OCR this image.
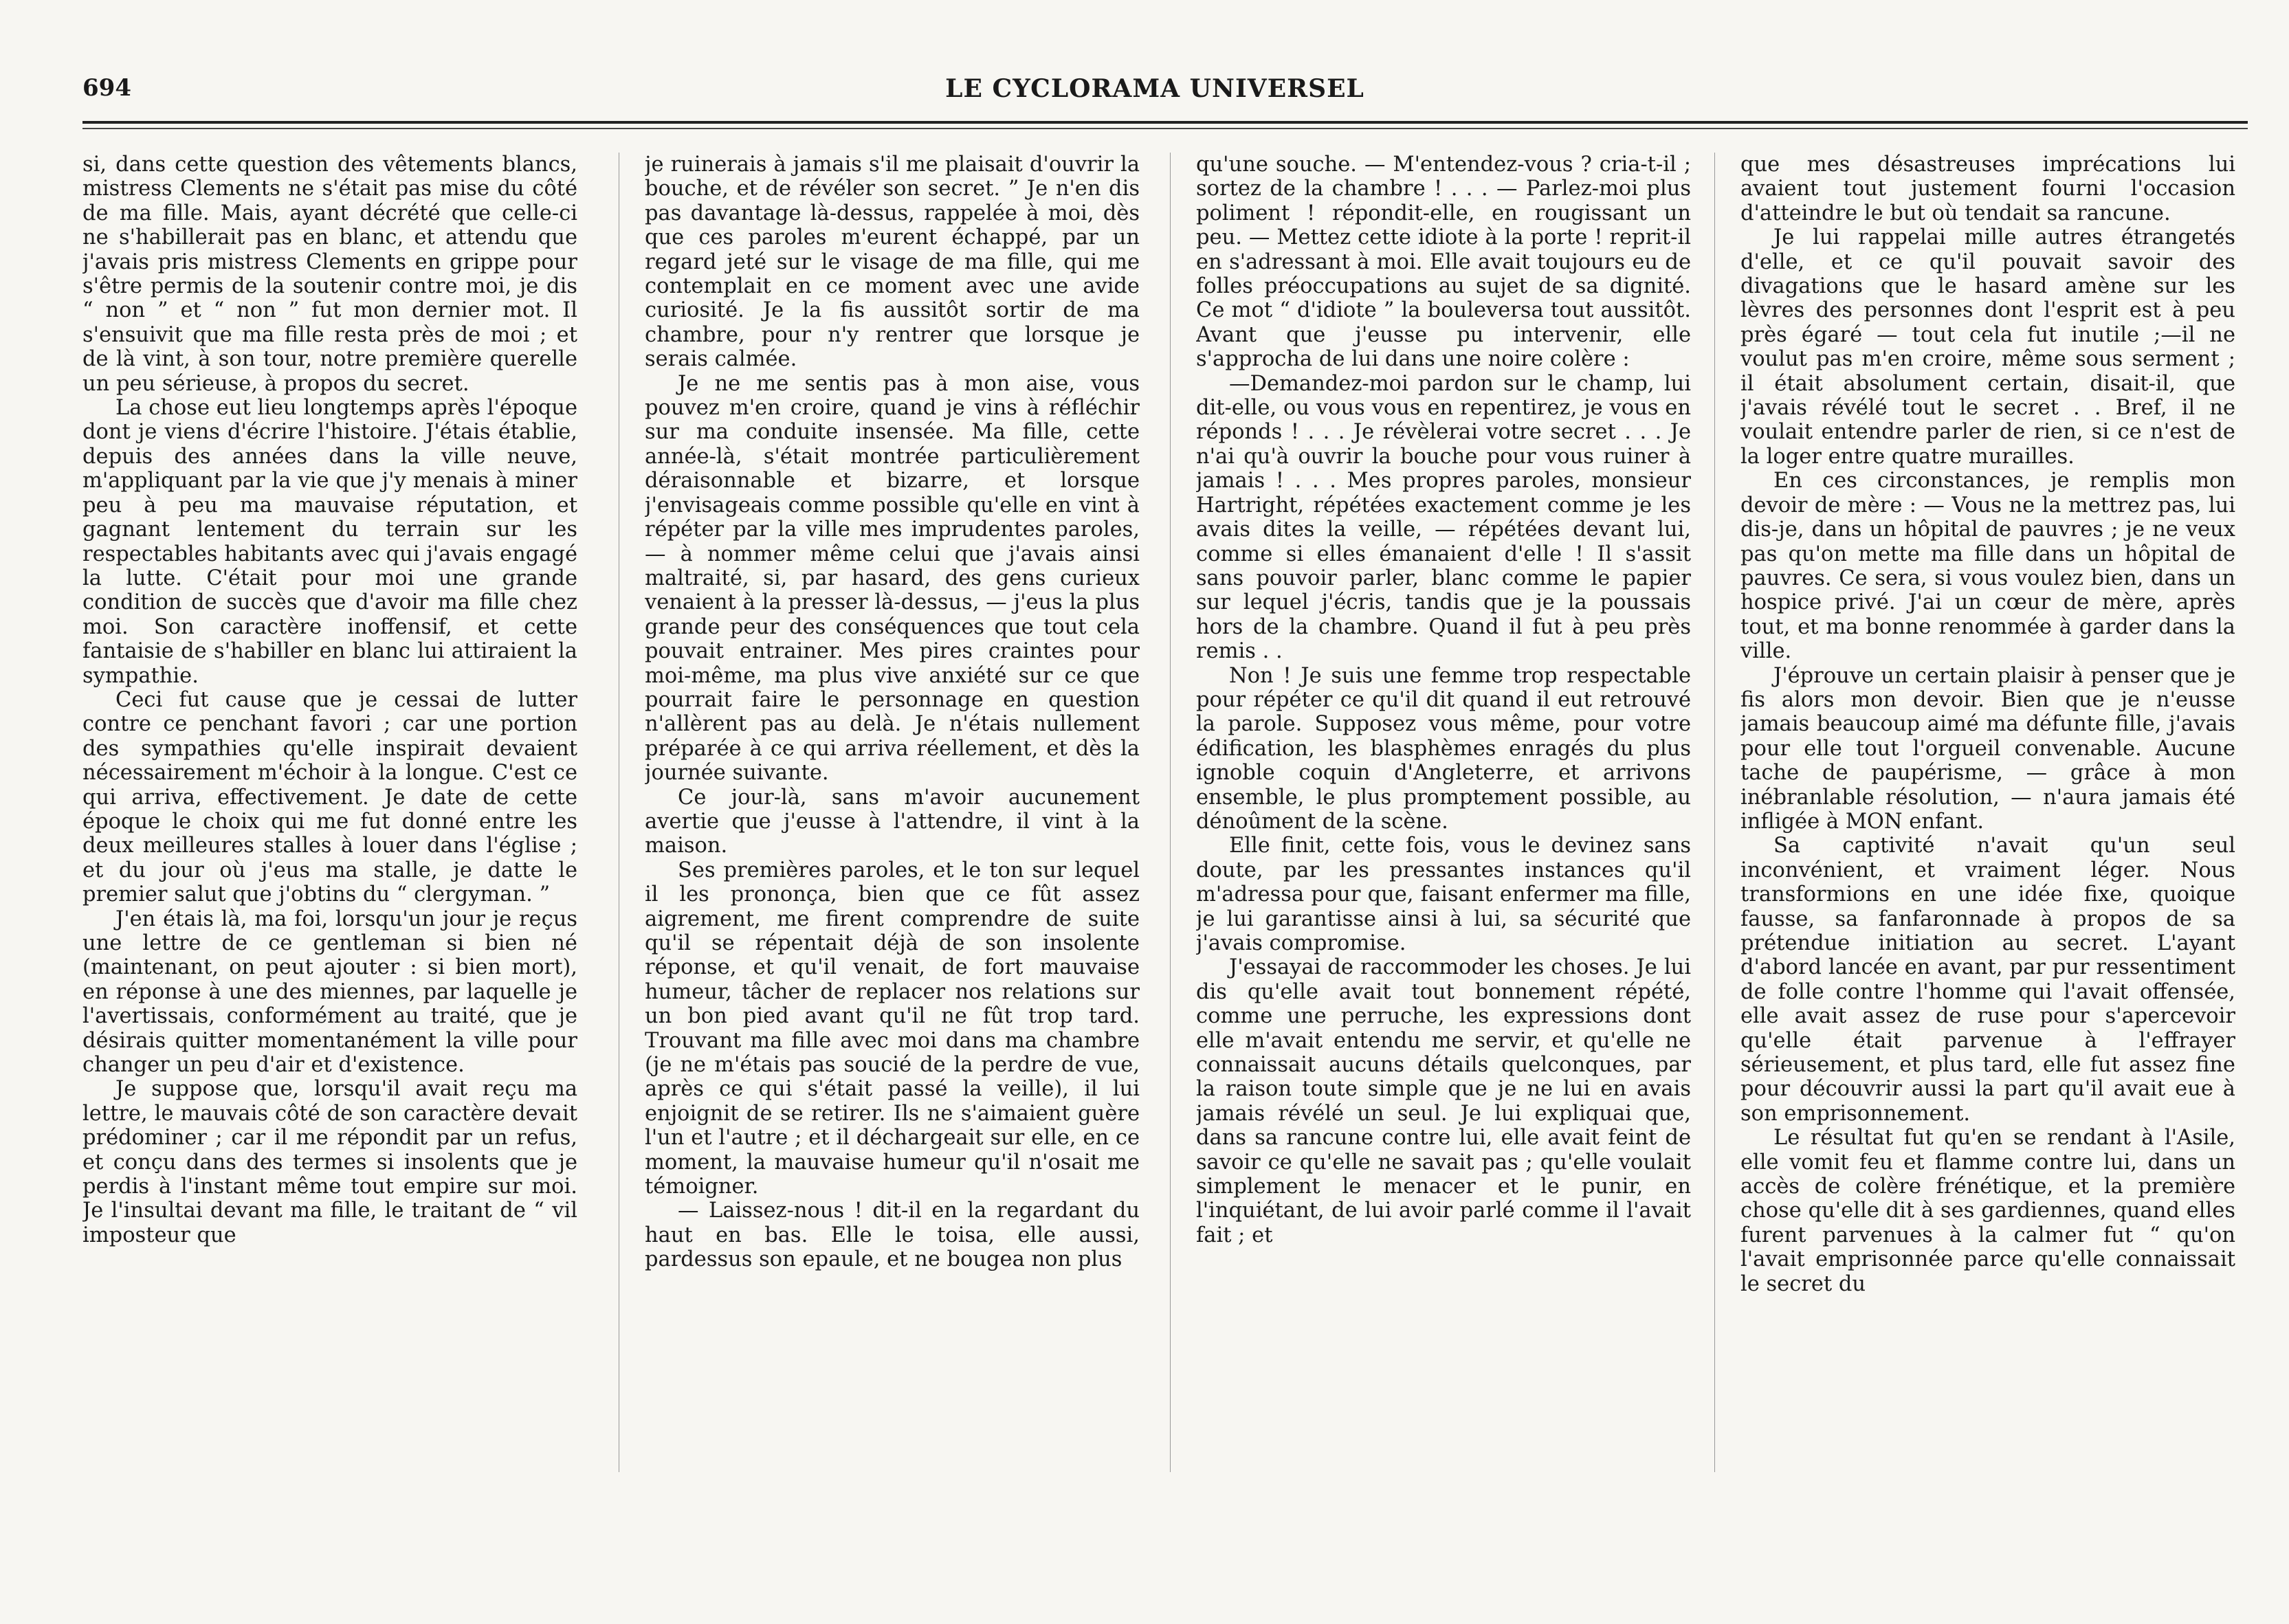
694	LE CYCLORAMA UNIVERSEL

si, dans cette question des vêtements blancs, mistress Clements ne s'était pas mise du côté de ma fille. Mais, ayant décrété que celle-ci ne s'habillerait pas en blanc, et attendu que j'avais pris mistress Clements en grippe pour s'être permis de la soutenir contre moi, je dis “ non ” et “ non ” fut mon dernier mot. Il s'ensuivit que ma fille resta près de moi ; et de là vint, à son tour, notre première querelle un peu sérieuse, à propos du secret.

La chose eut lieu longtemps après l'époque dont je viens d'écrire l'histoire. J'étais établie, depuis des années dans la ville neuve, m'appliquant par la vie que j'y menais à miner peu à peu ma mauvaise réputation, et gagnant lentement du terrain sur les respectables habitants avec qui j'avais engagé la lutte. C'était pour moi une grande condition de succès que d'avoir ma fille chez moi. Son caractère inoffensif, et cette fantaisie de s'habiller en blanc lui attiraient la sympathie.

Ceci fut cause que je cessai de lutter contre ce penchant favori ; car une portion des sympathies qu'elle inspirait devaient nécessairement m'échoir à la longue. C'est ce qui arriva, effectivement. Je date de cette époque le choix qui me fut donné entre les deux meilleures stalles à louer dans l'église ; et du jour où j'eus ma stalle, je datte le premier salut que j'obtins du “ clergyman. ”

J'en étais là, ma foi, lorsqu'un jour je reçus une lettre de ce gentleman si bien né (maintenant, on peut ajouter : si bien mort), en réponse à une des miennes, par laquelle je l'avertissais, conformément au traité, que je désirais quitter momentanément la ville pour changer un peu d'air et d'existence.

Je suppose que, lorsqu'il avait reçu ma lettre, le mauvais côté de son caractère devait prédominer ; car il me répondit par un refus, et conçu dans des termes si insolents que je perdis à l'instant même tout empire sur moi. Je l'insultai devant ma fille, le traitant de “ vil imposteur que

je ruinerais à jamais s'il me plaisait d'ouvrir la bouche, et de révéler son secret. ” Je n'en dis pas davantage là-dessus, rappelée à moi, dès que ces paroles m'eurent échappé, par un regard jeté sur le visage de ma fille, qui me contemplait en ce moment avec une avide curiosité. Je la fis aussitôt sortir de ma chambre, pour n'y rentrer que lorsque je serais calmée.

Je ne me sentis pas à mon aise, vous pouvez m'en croire, quand je vins à réfléchir sur ma conduite insensée. Ma fille, cette année-là, s'était montrée particulièrement déraisonnable et bizarre, et lorsque j'envisageais comme possible qu'elle en vint à répéter par la ville mes imprudentes paroles, — à nommer même celui que j'avais ainsi maltraité, si, par hasard, des gens curieux venaient à la presser là-dessus, — j'eus la plus grande peur des conséquences que tout cela pouvait entrainer. Mes pires craintes pour moi-même, ma plus vive anxiété sur ce que pourrait faire le personnage en question n'allèrent pas au delà. Je n'étais nullement préparée à ce qui arriva réellement, et dès la journée suivante.

Ce jour-là, sans m'avoir aucunement avertie que j'eusse à l'attendre, il vint à la maison.

Ses premières paroles, et le ton sur lequel il les prononça, bien que ce fût assez aigrement, me firent comprendre de suite qu'il se répentait déjà de son insolente réponse, et qu'il venait, de fort mauvaise humeur, tâcher de replacer nos relations sur un bon pied avant qu'il ne fût trop tard. Trouvant ma fille avec moi dans ma chambre (je ne m'étais pas soucié de la perdre de vue, après ce qui s'était passé la veille), il lui enjoignit de se retirer. Ils ne s'aimaient guère l'un et l'autre ; et il déchargeait sur elle, en ce moment, la mauvaise humeur qu'il n'osait me témoigner.

— Laissez-nous ! dit-il en la regardant du haut en bas. Elle le toisa, elle aussi, pardessus son epaule, et ne bougea non plus

qu'une souche. — M'entendez-vous ? cria-t-il ; sortez de la chambre ! . . . — Parlez-moi plus poliment ! répondit-elle, en rougissant un peu. — Mettez cette idiote à la porte ! reprit-il en s'adressant à moi. Elle avait toujours eu de folles préoccupations au sujet de sa dignité. Ce mot “ d'idiote ” la bouleversa tout aussitôt. Avant que j'eusse pu intervenir, elle s'approcha de lui dans une noire colère :

—Demandez-moi pardon sur le champ, lui dit-elle, ou vous vous en repentirez, je vous en réponds ! . . . Je révèlerai votre secret . . . Je n'ai qu'à ouvrir la bouche pour vous ruiner à jamais ! . . . Mes propres paroles, monsieur Hartright, répétées exactement comme je les avais dites la veille, — répétées devant lui, comme si elles émanaient d'elle ! Il s'assit sans pouvoir parler, blanc comme le papier sur lequel j'écris, tandis que je la poussais hors de la chambre. Quand il fut à peu près remis . .

Non ! Je suis une femme trop respectable pour répéter ce qu'il dit quand il eut retrouvé la parole. Supposez vous même, pour votre édification, les blasphèmes enragés du plus ignoble coquin d'Angleterre, et arrivons ensemble, le plus promptement possible, au dénoûment de la scène.

Elle finit, cette fois, vous le devinez sans doute, par les pressantes instances qu'il m'adressa pour que, faisant enfermer ma fille, je lui garantisse ainsi à lui, sa sécurité que j'avais compromise.

J'essayai de raccommoder les choses. Je lui dis qu'elle avait tout bonnement répété, comme une perruche, les expressions dont elle m'avait entendu me servir, et qu'elle ne connaissait aucuns détails quelconques, par la raison toute simple que je ne lui en avais jamais révélé un seul. Je lui expliquai que, dans sa rancune contre lui, elle avait feint de savoir ce qu'elle ne savait pas ; qu'elle voulait simplement le menacer et le punir, en l'inquiétant, de lui avoir parlé comme il l'avait fait ; et

que mes désastreuses imprécations lui avaient tout justement fourni l'occasion d'atteindre le but où tendait sa rancune.

Je lui rappelai mille autres étrangetés d'elle, et ce qu'il pouvait savoir des divagations que le hasard amène sur les lèvres des personnes dont l'esprit est à peu près égaré — tout cela fut inutile ;—il ne voulut pas m'en croire, même sous serment ; il était absolument certain, disait-il, que j'avais révélé tout le secret . . Bref, il ne voulait entendre parler de rien, si ce n'est de la loger entre quatre murailles.

En ces circonstances, je remplis mon devoir de mère : — Vous ne la mettrez pas, lui dis-je, dans un hôpital de pauvres ; je ne veux pas qu'on mette ma fille dans un hôpital de pauvres. Ce sera, si vous voulez bien, dans un hospice privé. J'ai un cœur de mère, après tout, et ma bonne renommée à garder dans la ville.

J'éprouve un certain plaisir à penser que je fis alors mon devoir. Bien que je n'eusse jamais beaucoup aimé ma défunte fille, j'avais pour elle tout l'orgueil convenable. Aucune tache de paupérisme, — grâce à mon inébranlable résolution, — n'aura jamais été infligée à MON enfant.

Sa captivité n'avait qu'un seul inconvénient, et vraiment léger. Nous transformions en une idée fixe, quoique fausse, sa fanfaronnade à propos de sa prétendue initiation au secret. L'ayant d'abord lancée en avant, par pur ressentiment de folle contre l'homme qui l'avait offensée, elle avait assez de ruse pour s'apercevoir qu'elle était parvenue à l'effrayer sérieusement, et plus tard, elle fut assez fine pour découvrir aussi la part qu'il avait eue à son emprisonnement.

Le résultat fut qu'en se rendant à l'Asile, elle vomit feu et flamme contre lui, dans un accès de colère frénétique, et la première chose qu'elle dit à ses gardiennes, quand elles furent parvenues à la calmer fut “ qu'on l'avait emprisonnée parce qu'elle connaissait le secret du
